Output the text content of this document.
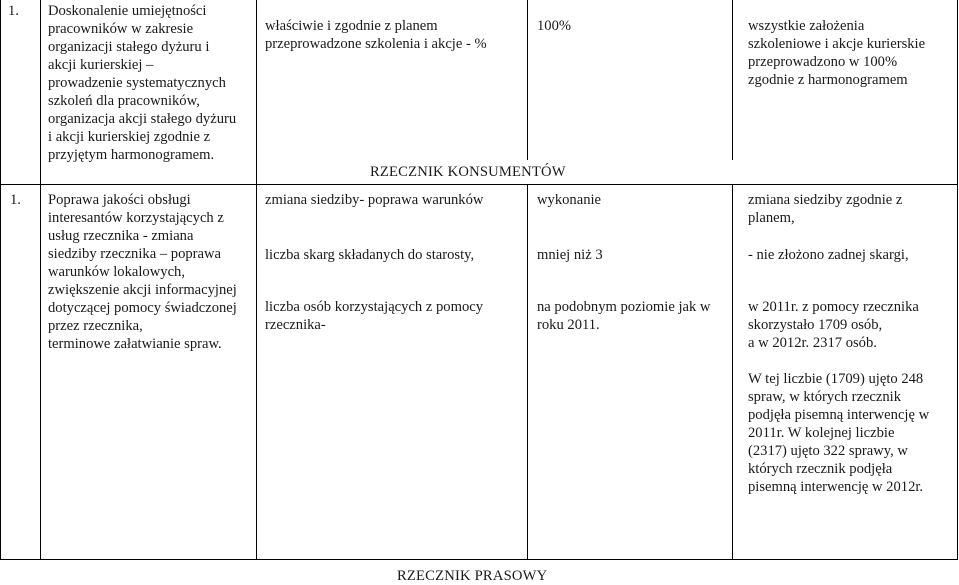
1. Doskonalenie umiejętności
pracowników w zakresie
organizacji stałego dyżuru i
akcji kurierskiej –
prowadzenie systematycznych
szkoleń dla pracowników,
organizacja akcji stałego dyżuru
i akcji kurierskiej zgodnie z
przyjętym harmonogramem.

właściwie i zgodnie z planem
przeprowadzone szkolenia i akcje - %

100%	wszystkie założenia
szkoleniowe i akcje kurierskie
przeprowadzono w 100%
zgodnie z harmonogramem

RZECZNIK KONSUMENTÓW

1. Poprawa jakości obsługi
interesantów korzystających z
usług rzecznika - zmiana
siedziby rzecznika – poprawa
warunków lokalowych,
zwiększenie akcji informacyjnej
dotyczącej pomocy świadczonej
przez rzecznika,
terminowe załatwianie spraw.

zmiana siedziby- poprawa warunków

liczba skarg składanych do starosty,

liczba osób korzystających z pomocy
rzecznika-

wykonanie

mniej niż 3

na podobnym poziomie jak w
roku 2011.

zmiana siedziby zgodnie z
planem,

- nie złożono zadnej skargi,

w 2011r. z pomocy rzecznika
skorzystało 1709 osób,
a w 2012r. 2317 osób.

W tej liczbie (1709) ujęto 248
spraw, w których rzecznik
podjęła pisemną interwencję w
2011r. W kolejnej liczbie
(2317) ujęto 322 sprawy, w
których rzecznik podjęła
pisemną interwencję w 2012r.

RZECZNIK PRASOWY
